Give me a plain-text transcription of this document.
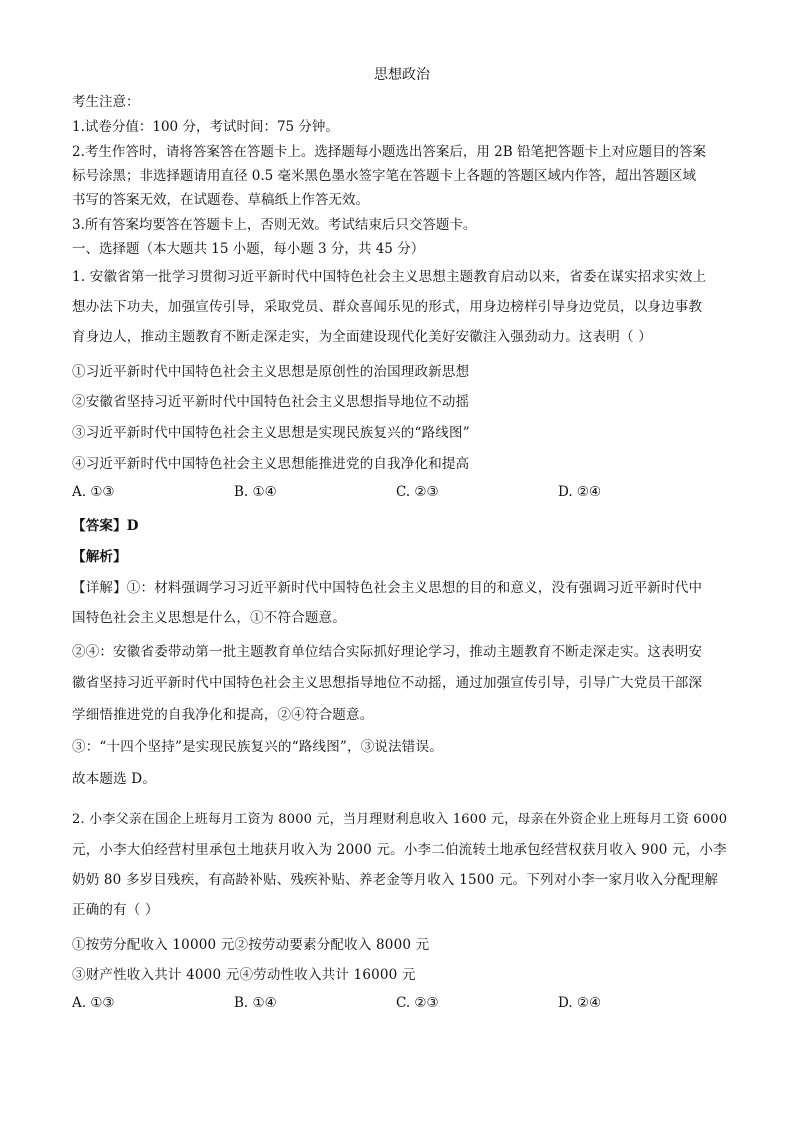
思想政治
考生注意：
1.试卷分值：100 分，考试时间：75 分钟。
2.考生作答时，请将答案答在答题卡上。选择题每小题选出答案后，用 2B 铅笔把答题卡上对应题目的答案
标号涂黑；非选择题请用直径 0.5 毫米黑色墨水签字笔在答题卡上各题的答题区域内作答，超出答题区域
书写的答案无效，在试题卷、草稿纸上作答无效。
3.所有答案均要答在答题卡上，否则无效。考试结束后只交答题卡。
一、选择题（本大题共 15 小题，每小题 3 分，共 45 分）
1. 安徽省第一批学习贯彻习近平新时代中国特色社会主义思想主题教育启动以来，省委在谋实招求实效上
想办法下功夫，加强宣传引导，采取党员、群众喜闻乐见的形式，用身边榜样引导身边党员，以身边事教
育身边人，推动主题教育不断走深走实，为全面建设现代化美好安徽注入强劲动力。这表明（ ）
①习近平新时代中国特色社会主义思想是原创性的治国理政新思想
②安徽省坚持习近平新时代中国特色社会主义思想指导地位不动摇
③习近平新时代中国特色社会主义思想是实现民族复兴的“路线图”
④习近平新时代中国特色社会主义思想能推进党的自我净化和提高
A. ①③	B. ①④	C. ②③	D. ②④
【答案】D
【解析】
【详解】①：材料强调学习习近平新时代中国特色社会主义思想的目的和意义，没有强调习近平新时代中
国特色社会主义思想是什么，①不符合题意。
②④：安徽省委带动第一批主题教育单位结合实际抓好理论学习，推动主题教育不断走深走实。这表明安
徽省坚持习近平新时代中国特色社会主义思想指导地位不动摇，通过加强宣传引导，引导广大党员干部深
学细悟推进党的自我净化和提高，②④符合题意。
③：“十四个坚持”是实现民族复兴的“路线图”，③说法错误。
故本题选 D。
2. 小李父亲在国企上班每月工资为 8000 元，当月理财利息收入 1600 元，母亲在外资企业上班每月工资 6000
元，小李大伯经营村里承包土地获月收入为 2000 元。小李二伯流转土地承包经营权获月收入 900 元，小李
奶奶 80 多岁目残疾，有高龄补贴、残疾补贴、养老金等月收入 1500 元。下列对小李一家月收入分配理解
正确的有（ ）
①按劳分配收入 10000 元②按劳动要素分配收入 8000 元
③财产性收入共计 4000 元④劳动性收入共计 16000 元
A. ①③	B. ①④	C. ②③	D. ②④
